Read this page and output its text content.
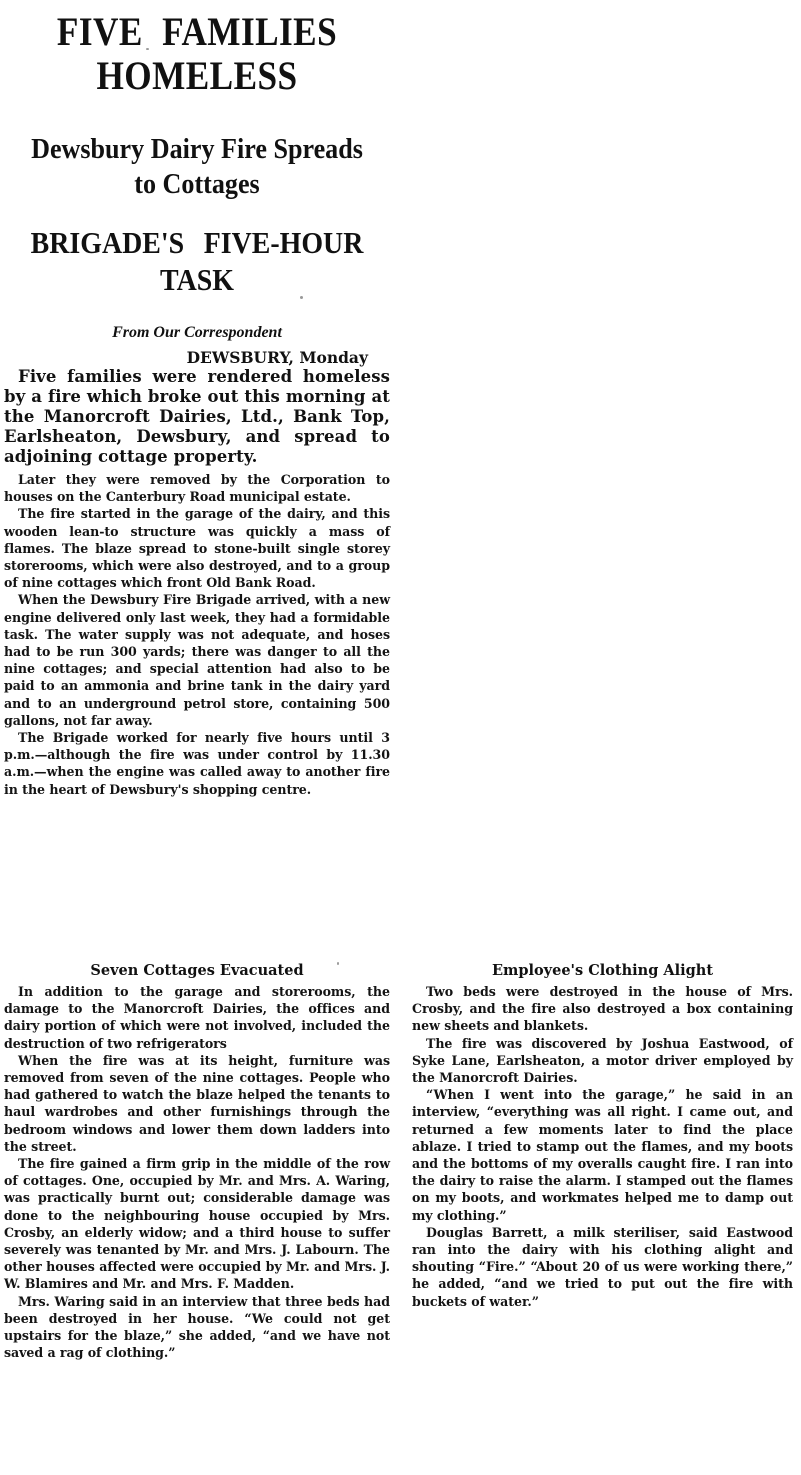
FIVE FAMILIES
HOMELESS
Dewsbury Dairy Fire Spreads
to Cottages
BRIGADE'S FIVE-HOUR
TASK
From Our Correspondent
DEWSBURY, Monday

Five families were rendered homeless by a fire which broke out this morning at the Manorcroft Dairies, Ltd., Bank Top, Earlsheaton, Dewsbury, and spread to adjoining cottage property.

Later they were removed by the Corporation to houses on the Canterbury Road municipal estate.

The fire started in the garage of the dairy, and this wooden lean-to structure was quickly a mass of flames. The blaze spread to stone-built single storey storerooms, which were also destroyed, and to a group of nine cottages which front Old Bank Road.

When the Dewsbury Fire Brigade arrived, with a new engine delivered only last week, they had a formidable task. The water supply was not adequate, and hoses had to be run 300 yards; there was danger to all the nine cottages; and special attention had also to be paid to an ammonia and brine tank in the dairy yard and to an underground petrol store, containing 500 gallons, not far away.

The Brigade worked for nearly five hours until 3 p.m.—although the fire was under control by 11.30 a.m.—when the engine was called away to another fire in the heart of Dewsbury's shopping centre.

Seven Cottages Evacuated

In addition to the garage and storerooms, the damage to the Manorcroft Dairies, the offices and dairy portion of which were not involved, included the destruction of two refrigerators

When the fire was at its height, furniture was removed from seven of the nine cottages. People who had gathered to watch the blaze helped the tenants to haul wardrobes and other furnishings through the bedroom windows and lower them down ladders into the street.

The fire gained a firm grip in the middle of the row of cottages. One, occupied by Mr. and Mrs. A. Waring, was practically burnt out; considerable damage was done to the neighbouring house occupied by Mrs. Crosby, an elderly widow; and a third house to suffer severely was tenanted by Mr. and Mrs. J. Labourn. The other houses affected were occupied by Mr. and Mrs. J. W. Blamires and Mr. and Mrs. F. Madden.

Mrs. Waring said in an interview that three beds had been destroyed in her house. “We could not get upstairs for the blaze,” she added, “and we have not saved a rag of clothing.”

Employee's Clothing Alight

Two beds were destroyed in the house of Mrs. Crosby, and the fire also destroyed a box containing new sheets and blankets.

The fire was discovered by Joshua Eastwood, of Syke Lane, Earlsheaton, a motor driver employed by the Manorcroft Dairies.

“When I went into the garage,” he said in an interview, “everything was all right. I came out, and returned a few moments later to find the place ablaze. I tried to stamp out the flames, and my boots and the bottoms of my overalls caught fire. I ran into the dairy to raise the alarm. I stamped out the flames on my boots, and workmates helped me to damp out my clothing.”

Douglas Barrett, a milk steriliser, said Eastwood ran into the dairy with his clothing alight and shouting “Fire.” “About 20 of us were working there,” he added, “and we tried to put out the fire with buckets of water.”
